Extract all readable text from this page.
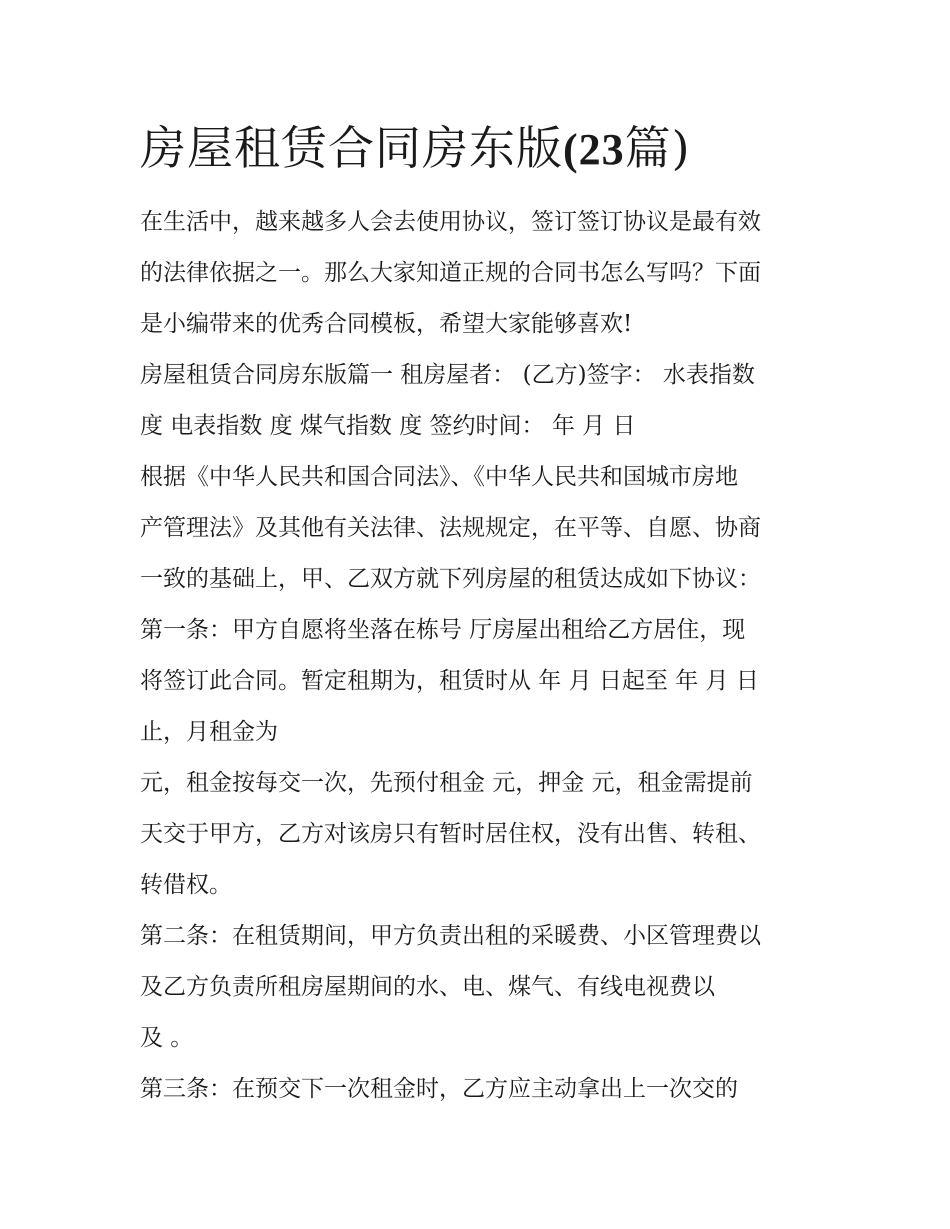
房屋租赁合同房东版(23篇)

在生活中，越来越多人会去使用协议，签订签订协议是最有效

的法律依据之一。那么大家知道正规的合同书怎么写吗？下面

是小编带来的优秀合同模板，希望大家能够喜欢!

房屋租赁合同房东版篇一 租房屋者： (乙方)签字： 水表指数

度 电表指数 度 煤气指数 度 签约时间： 年 月 日

根据《中华人民共和国合同法》、《中华人民共和国城市房地

产管理法》及其他有关法律、法规规定，在平等、自愿、协商

一致的基础上，甲、乙双方就下列房屋的租赁达成如下协议：

第一条：甲方自愿将坐落在栋号 厅房屋出租给乙方居住，现

将签订此合同。暂定租期为，租赁时从 年 月 日起至 年 月 日

止，月租金为

元，租金按每交一次，先预付租金 元，押金 元，租金需提前

天交于甲方，乙方对该房只有暂时居住权，没有出售、转租、

转借权。

第二条：在租赁期间，甲方负责出租的采暖费、小区管理费以

及乙方负责所租房屋期间的水、电、煤气、有线电视费以

及 。

第三条：在预交下一次租金时，乙方应主动拿出上一次交的
